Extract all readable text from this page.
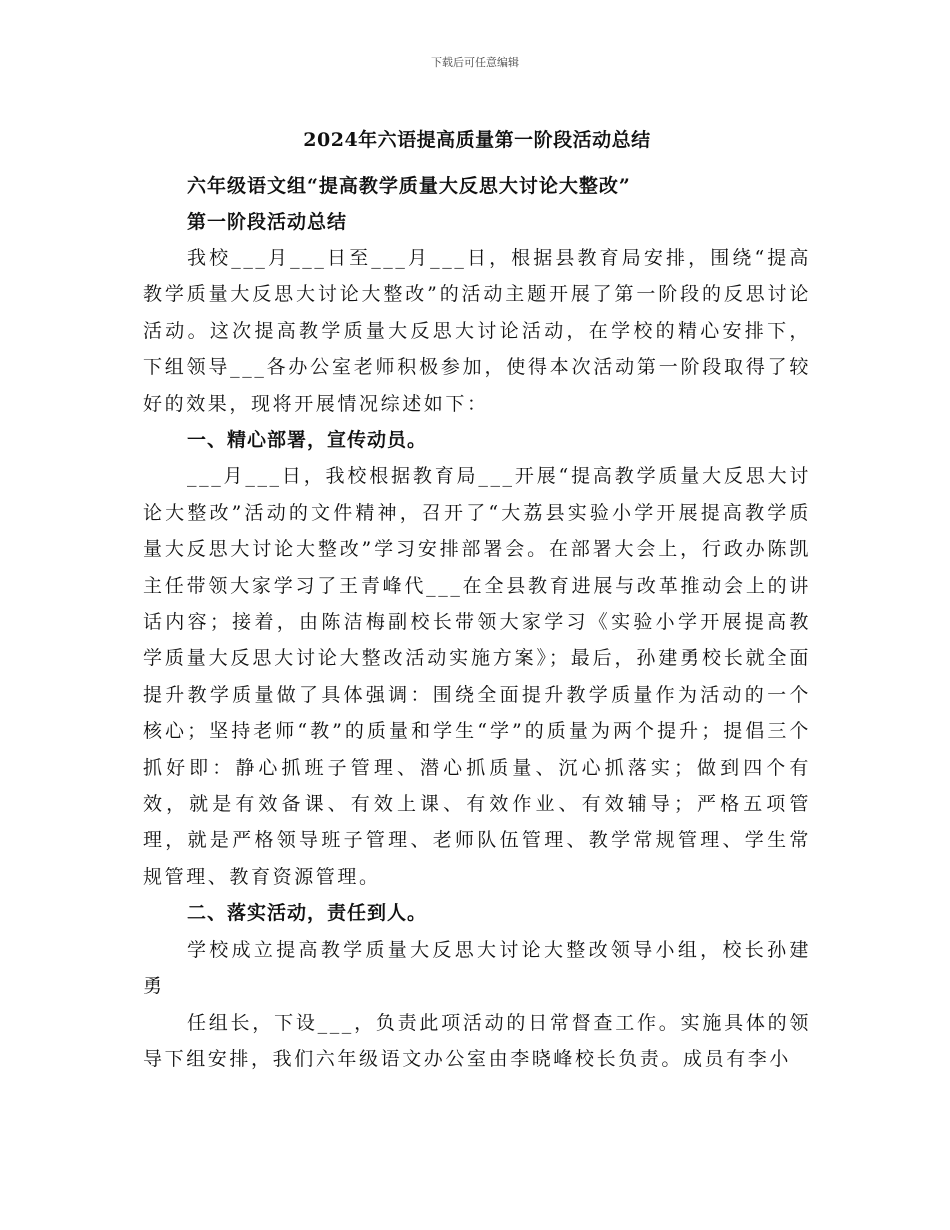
下载后可任意编辑
2024年六语提高质量第一阶段活动总结

六年级语文组“提高教学质量大反思大讨论大整改”

第一阶段活动总结

我校___月___日至___月___日，根据县教育局安排，围绕“提高教学质量大反思大讨论大整改”的活动主题开展了第一阶段的反思讨论活动。这次提高教学质量大反思大讨论活动，在学校的精心安排下，下组领导___各办公室老师积极参加，使得本次活动第一阶段取得了较好的效果，现将开展情况综述如下：

一、精心部署，宣传动员。

___月___日，我校根据教育局___开展“提高教学质量大反思大讨论大整改”活动的文件精神，召开了“大荔县实验小学开展提高教学质量大反思大讨论大整改”学习安排部署会。在部署大会上，行政办陈凯主任带领大家学习了王青峰代___在全县教育进展与改革推动会上的讲话内容；接着，由陈洁梅副校长带领大家学习《实验小学开展提高教学质量大反思大讨论大整改活动实施方案》；最后，孙建勇校长就全面提升教学质量做了具体强调：围绕全面提升教学质量作为活动的一个核心；坚持老师“教”的质量和学生“学”的质量为两个提升；提倡三个抓好即：静心抓班子管理、潜心抓质量、沉心抓落实；做到四个有效，就是有效备课、有效上课、有效作业、有效辅导；严格五项管理，就是严格领导班子管理、老师队伍管理、教学常规管理、学生常规管理、教育资源管理。

二、落实活动，责任到人。

学校成立提高教学质量大反思大讨论大整改领导小组，校长孙建勇

任组长，下设___，负责此项活动的日常督查工作。实施具体的领导下组安排，我们六年级语文办公室由李晓峰校长负责。成员有李小
